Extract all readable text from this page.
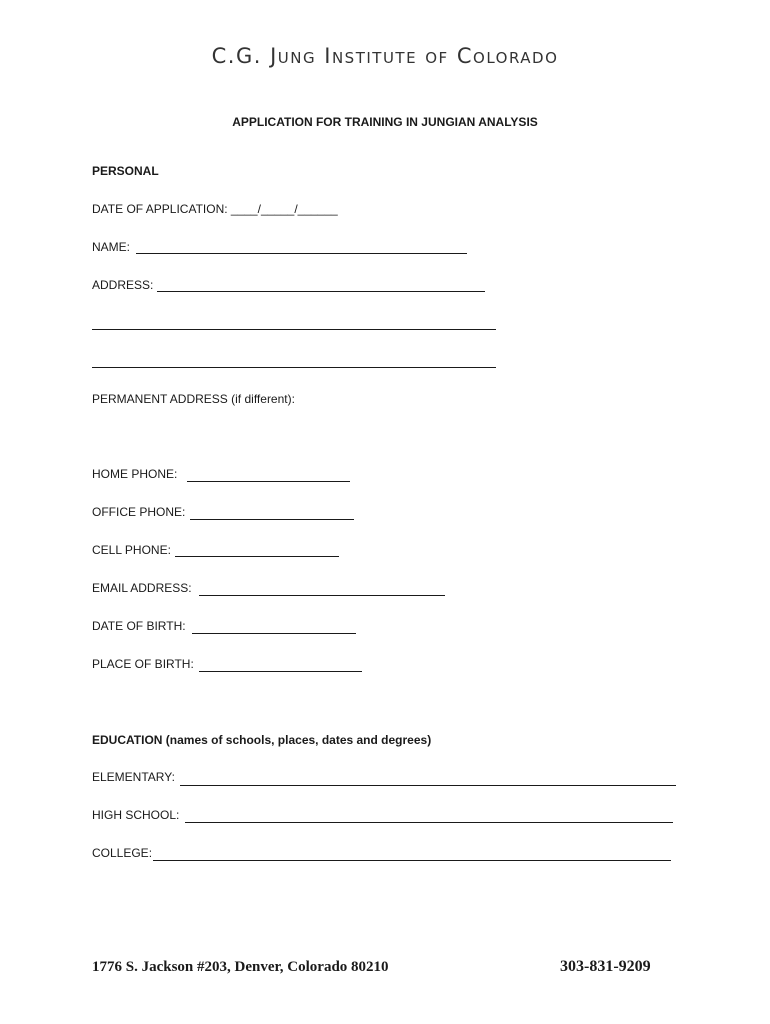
C.G. Jung Institute of Colorado
APPLICATION FOR TRAINING IN JUNGIAN ANALYSIS
PERSONAL
DATE OF APPLICATION: ____/_____/______
NAME:
ADDRESS:
PERMANENT ADDRESS (if different):
HOME PHONE:
OFFICE PHONE:
CELL PHONE:
EMAIL ADDRESS:
DATE OF BIRTH:
PLACE OF BIRTH:
EDUCATION (names of schools, places, dates and degrees)
ELEMENTARY:
HIGH SCHOOL:
COLLEGE:
1776 S. Jackson #203, Denver, Colorado 80210	303-831-9209
